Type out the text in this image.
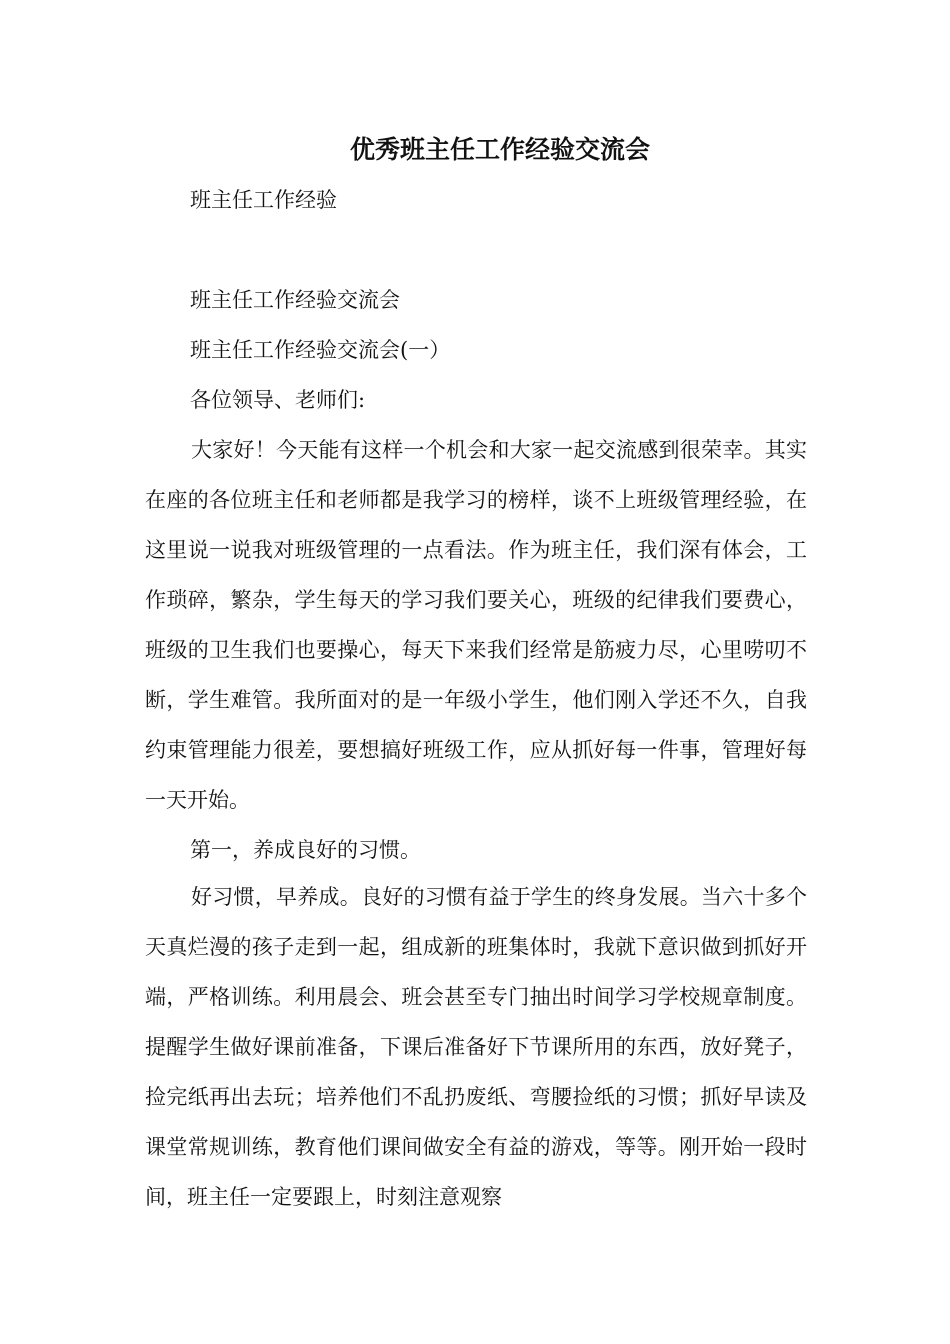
优秀班主任工作经验交流会
班主任工作经验
班主任工作经验交流会
班主任工作经验交流会(一）
各位领导、老师们:

大家好！今天能有这样一个机会和大家一起交流感到很荣幸。其实在座的各位班主任和老师都是我学习的榜样，谈不上班级管理经验，在这里说一说我对班级管理的一点看法。作为班主任，我们深有体会，工作琐碎，繁杂，学生每天的学习我们要关心，班级的纪律我们要费心，班级的卫生我们也要操心，每天下来我们经常是筋疲力尽，心里唠叨不断，学生难管。我所面对的是一年级小学生，他们刚入学还不久，自我约束管理能力很差，要想搞好班级工作，应从抓好每一件事，管理好每一天开始。

第一，养成良好的习惯。

好习惯，早养成。良好的习惯有益于学生的终身发展。当六十多个天真烂漫的孩子走到一起，组成新的班集体时，我就下意识做到抓好开端，严格训练。利用晨会、班会甚至专门抽出时间学习学校规章制度。提醒学生做好课前准备，下课后准备好下节课所用的东西，放好凳子，捡完纸再出去玩；培养他们不乱扔废纸、弯腰捡纸的习惯；抓好早读及课堂常规训练，教育他们课间做安全有益的游戏，等等。刚开始一段时间，班主任一定要跟上，时刻注意观察
